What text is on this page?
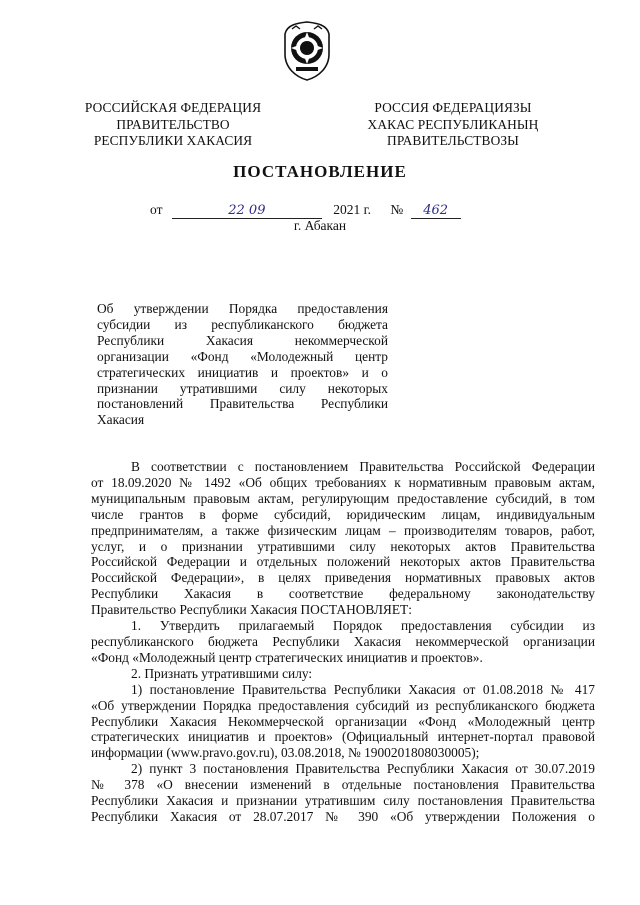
РОССИЙСКАЯ ФЕДЕРАЦИЯ
ПРАВИТЕЛЬСТВО
РЕСПУБЛИКИ ХАКАСИЯ
РОССИЯ ФЕДЕРАЦИЯЗЫ
ХАКАС РЕСПУБЛИКАНЫҢ
ПРАВИТЕЛЬСТВОЗЫ
ПОСТАНОВЛЕНИЕ
от	22 09	2021 г. № 462
г. Абакан
Об утверждении Порядка предоставления
субсидии из республиканского бюджета
Республики Хакасия некоммерческой
организации «Фонд «Молодежный центр
стратегических инициатив и проектов» и о
признании утратившими силу некоторых
постановлений Правительства Республики
Хакасия
В соответствии с постановлением Правительства Российской Федерации
от 18.09.2020 № 1492 «Об общих требованиях к нормативным правовым актам,
муниципальным правовым актам, регулирующим предоставление субсидий, в том
числе грантов в форме субсидий, юридическим лицам, индивидуальным
предпринимателям, а также физическим лицам – производителям товаров, работ,
услуг, и о признании утратившими силу некоторых актов Правительства
Российской Федерации и отдельных положений некоторых актов Правительства
Российской Федерации», в целях приведения нормативных правовых актов
Республики Хакасия в соответствие федеральному законодательству
Правительство Республики Хакасия ПОСТАНОВЛЯЕТ:
1. Утвердить прилагаемый Порядок предоставления субсидии из
республиканского бюджета Республики Хакасия некоммерческой организации
«Фонд «Молодежный центр стратегических инициатив и проектов».
2. Признать утратившими силу:
1) постановление Правительства Республики Хакасия от 01.08.2018 № 417
«Об утверждении Порядка предоставления субсидий из республиканского бюджета
Республики Хакасия Некоммерческой организации «Фонд «Молодежный центр
стратегических инициатив и проектов» (Официальный интернет-портал правовой
информации (www.pravo.gov.ru), 03.08.2018, № 1900201808030005);
2) пункт 3 постановления Правительства Республики Хакасия от 30.07.2019
№ 378 «О внесении изменений в отдельные постановления Правительства
Республики Хакасия и признании утратившим силу постановления Правительства
Республики Хакасия от 28.07.2017 № 390 «Об утверждении Положения о
